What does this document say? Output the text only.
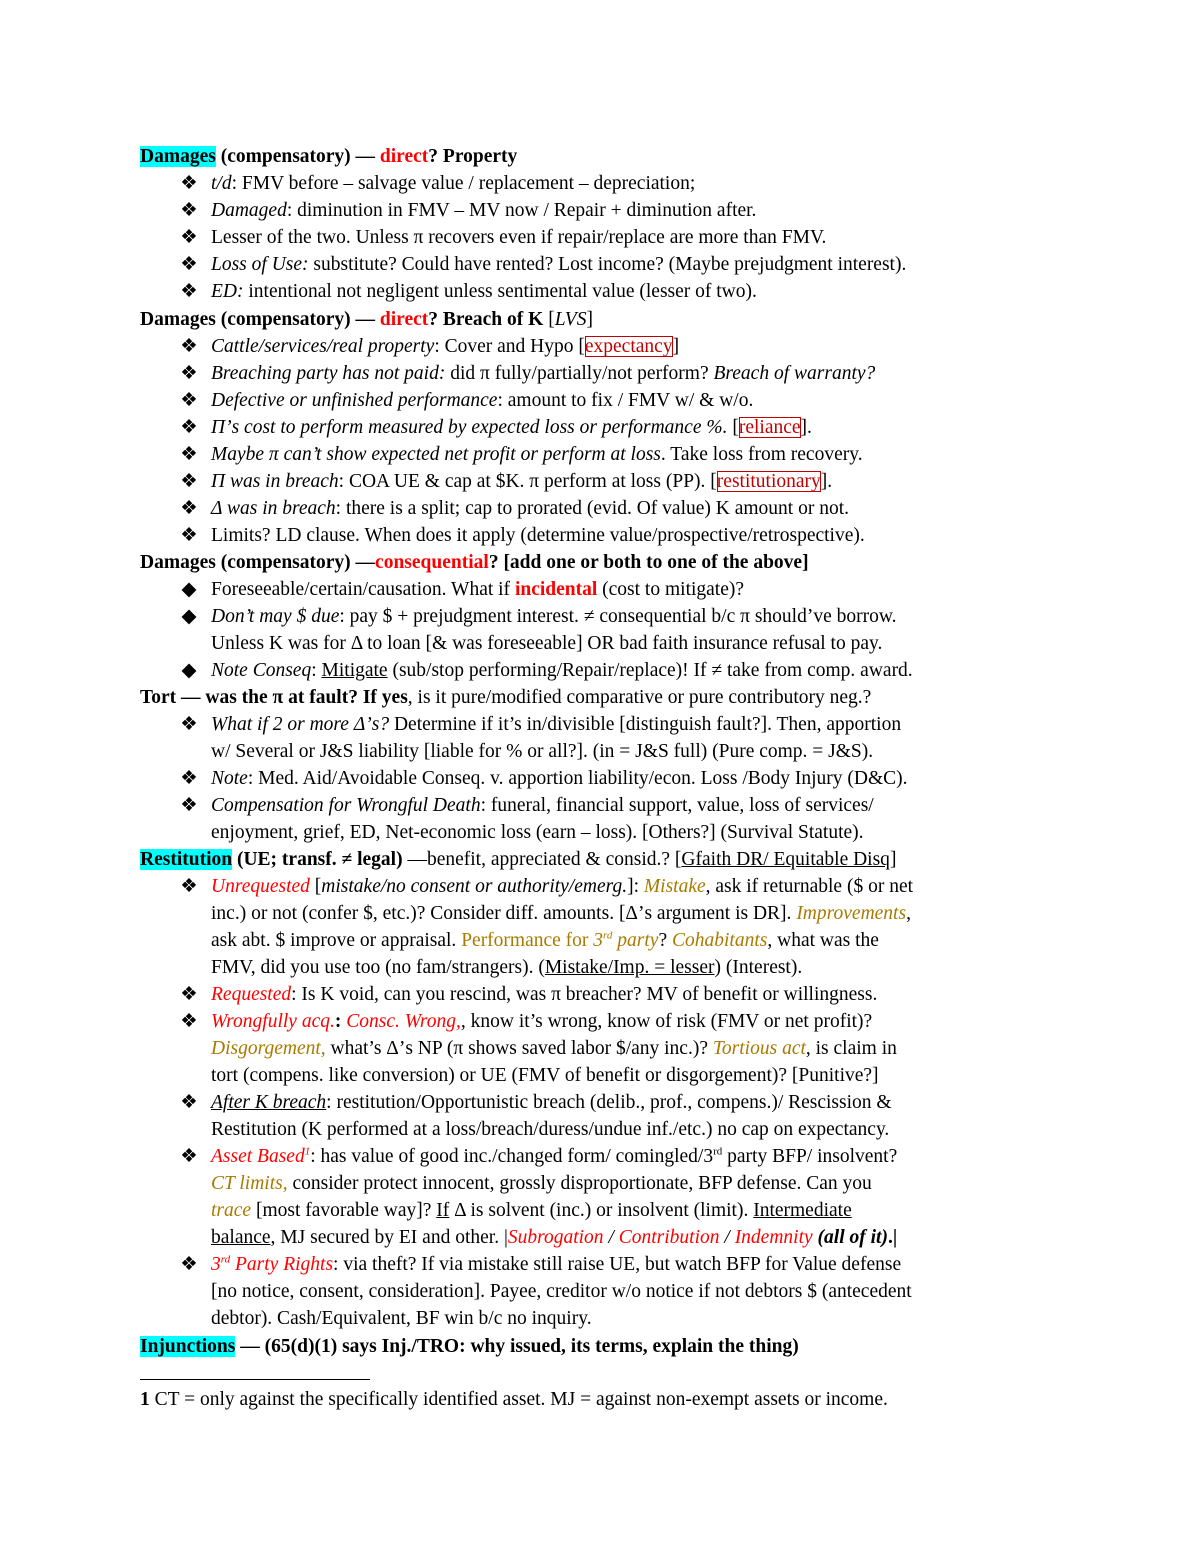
Damages (compensatory) — direct? Property
❖ t/d: FMV before – salvage value / replacement – depreciation;
❖ Damaged: diminution in FMV – MV now / Repair + diminution after.
❖ Lesser of the two. Unless π recovers even if repair/replace are more than FMV.
❖ Loss of Use: substitute? Could have rented? Lost income? (Maybe prejudgment interest).
❖ ED: intentional not negligent unless sentimental value (lesser of two).
Damages (compensatory) — direct? Breach of K [LVS]
❖ Cattle/services/real property: Cover and Hypo [expectancy]
❖ Breaching party has not paid: did π fully/partially/not perform? Breach of warranty?
❖ Defective or unfinished performance: amount to fix / FMV w/ & w/o.
❖ Π’s cost to perform measured by expected loss or performance %. [reliance].
❖ Maybe π can’t show expected net profit or perform at loss. Take loss from recovery.
❖ Π was in breach: COA UE & cap at $K. π perform at loss (PP). [restitutionary].
❖ Δ was in breach: there is a split; cap to prorated (evid. Of value) K amount or not.
❖ Limits? LD clause. When does it apply (determine value/prospective/retrospective).
Damages (compensatory) —consequential? [add one or both to one of the above]
◆ Foreseeable/certain/causation. What if incidental (cost to mitigate)?
◆ Don’t may $ due: pay $ + prejudgment interest. ≠ consequential b/c π should’ve borrow.
Unless K was for Δ to loan [& was foreseeable] OR bad faith insurance refusal to pay.
◆ Note Conseq: Mitigate (sub/stop performing/Repair/replace)! If ≠ take from comp. award.
Tort — was the π at fault? If yes, is it pure/modified comparative or pure contributory neg.?
❖ What if 2 or more Δ’s? Determine if it’s in/divisible [distinguish fault?]. Then, apportion
w/ Several or J&S liability [liable for % or all?]. (in = J&S full) (Pure comp. = J&S).
❖ Note: Med. Aid/Avoidable Conseq. v. apportion liability/econ. Loss /Body Injury (D&C).
❖ Compensation for Wrongful Death: funeral, financial support, value, loss of services/
enjoyment, grief, ED, Net-economic loss (earn – loss). [Others?] (Survival Statute).
Restitution (UE; transf. ≠ legal) —benefit, appreciated & consid.? [Gfaith DR/ Equitable Disq]
❖ Unrequested [mistake/no consent or authority/emerg.]: Mistake, ask if returnable ($ or net
inc.) or not (confer $, etc.)? Consider diff. amounts. [Δ’s argument is DR]. Improvements,
ask abt. $ improve or appraisal. Performance for 3rd party? Cohabitants, what was the
FMV, did you use too (no fam/strangers). (Mistake/Imp. = lesser) (Interest).
❖ Requested: Is K void, can you rescind, was π breacher? MV of benefit or willingness.
❖ Wrongfully acq.: Consc. Wrong,, know it’s wrong, know of risk (FMV or net profit)?
Disgorgement, what’s Δ’s NP (π shows saved labor $/any inc.)? Tortious act, is claim in
tort (compens. like conversion) or UE (FMV of benefit or disgorgement)? [Punitive?]
❖ After K breach: restitution/Opportunistic breach (delib., prof., compens.)/ Rescission &
Restitution (K performed at a loss/breach/duress/undue inf./etc.) no cap on expectancy.
❖ Asset Based$^1$: has value of good inc./changed form/ comingled/3rd party BFP/ insolvent?
CT limits, consider protect innocent, grossly disproportionate, BFP defense. Can you
trace [most favorable way]? If Δ is solvent (inc.) or insolvent (limit). Intermediate
balance, MJ secured by EI and other. |Subrogation / Contribution / Indemnity (all of it).|
❖ 3rd Party Rights: via theft? If via mistake still raise UE, but watch BFP for Value defense
[no notice, consent, consideration]. Payee, creditor w/o notice if not debtors $ (antecedent
debtor). Cash/Equivalent, BF win b/c no inquiry.
Injunctions — (65(d)(1) says Inj./TRO: why issued, its terms, explain the thing)
1 CT = only against the specifically identified asset. MJ = against non-exempt assets or income.
